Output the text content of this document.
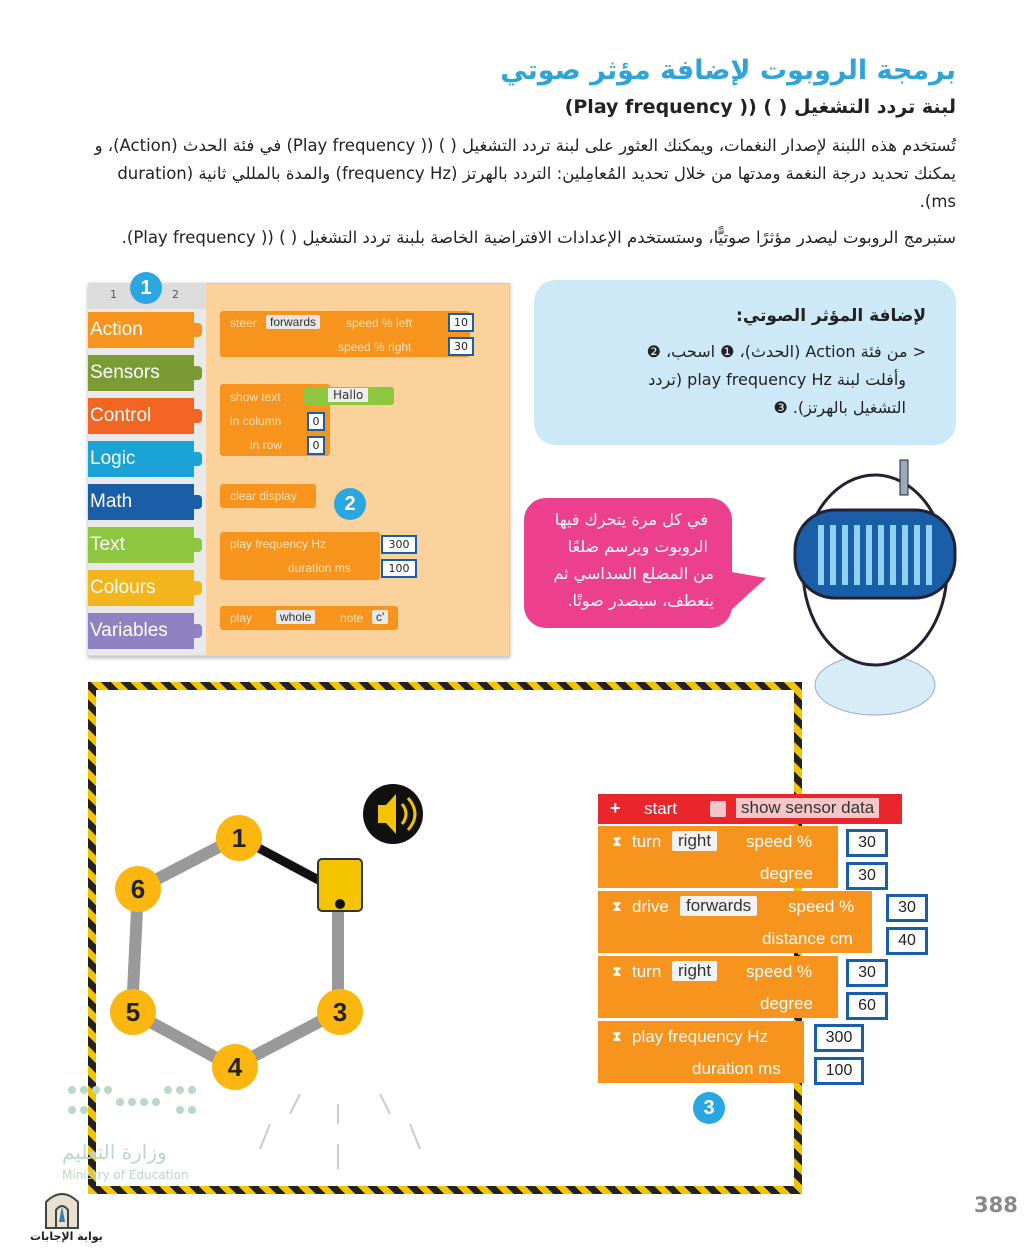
برمجة الروبوت لإضافة مؤثر صوتي
لبنة تردد التشغيل ( ) (( Play frequency)
تُستخدم هذه اللبنة لإصدار النغمات، ويمكنك العثور على لبنة تردد التشغيل ( ) (( Play frequency) في فئة الحدث (Action)، و يمكنك تحديد درجة النغمة ومدتها من خلال تحديد المُعامِلين: التردد بالهرتز (frequency Hz) والمدة بالمللي ثانية (duration ms).
ستبرمج الروبوت ليصدر مؤثرًا صوتيًّا، وستستخدم الإعدادات الافتراضية الخاصة بلبنة تردد التشغيل ( ) (( Play frequency).
1	2
Action
Sensors
Control
Logic
Math
Text
Colours
Variables
steer	forwards	speed % left
speed % right
10
30
show text
in column
in row
Hallo
0
0
clear display
play frequency Hz
duration ms
300
100
play	whole	note	c'
1
2
3
لإضافة المؤثر الصوتي:
< من فئة Action (الحدث)، ❶ اسحب، ❷
وأفلت لبنة play frequency Hz (تردد
التشغيل بالهرتز). ❸
في كل مرة يتحرك فيها
الروبوت ويرسم ضلعًا
من المضلع السداسي ثم
ينعطف، سيصدر صوتًا.
1
6
5
4
3
+ start	show sensor data
⧗ turn right	speed %
degree
30
30
⧗ drive	forwards	speed %
distance cm
30
40
⧗ turn right	speed %
degree
30
60
⧗ play frequency Hz
duration ms
300
100
وزارة التعليم
Ministry of Education
بوابة الإجابات
388
